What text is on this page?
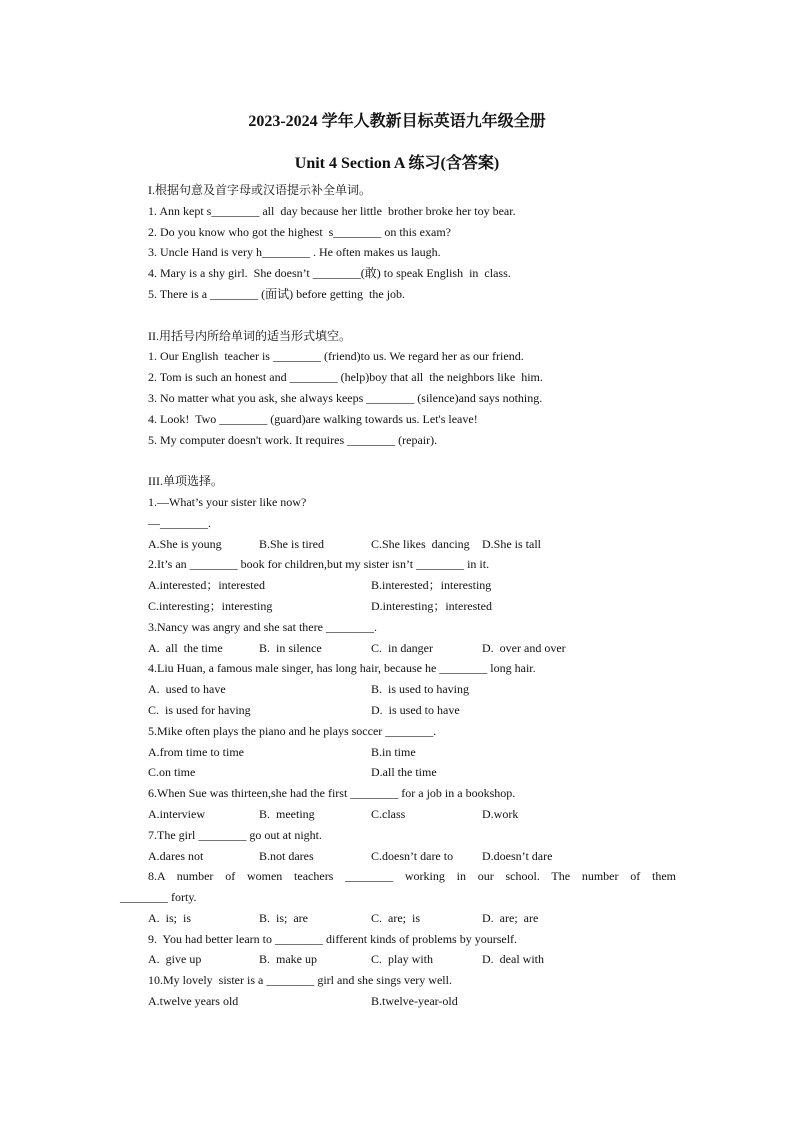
2023-2024 学年人教新目标英语九年级全册
Unit 4 Section A 练习(含答案)
I.根据句意及首字母或汉语提示补全单词。
1. Ann kept s________ all  day because her little  brother broke her toy bear.
2. Do you know who got the highest  s________ on this exam?
3. Uncle Hand is very h________ . He often makes us laugh.
4. Mary is a shy girl.  She doesn’t ________(敢) to speak English  in  class.
5. There is a ________ (面试) before getting  the job.
II.用括号内所给单词的适当形式填空。
1. Our English  teacher is ________ (friend)to us. We regard her as our friend.
2. Tom is such an honest and ________ (help)boy that all  the neighbors like  him.
3. No matter what you ask, she always keeps ________ (silence)and says nothing.
4. Look!  Two ________ (guard)are walking towards us. Let's leave!
5. My computer doesn't work. It requires ________ (repair).
III.单项选择。
1.—What’s your sister like now?
—________.
A.She is young	B.She is tired	C.She likes  dancing	D.She is tall
2.It’s an ________ book for children,but my sister isn’t ________ in it.
A.interested；interested	B.interested；interesting
C.interesting；interesting	D.interesting；interested
3.Nancy was angry and she sat there ________.
A.  all  the time	B.  in silence	C.  in danger	D.  over and over
4.Liu Huan, a famous male singer, has long hair, because he ________ long hair.
A.  used to have	B.  is used to having
C.  is used for having	D.  is used to have
5.Mike often plays the piano and he plays soccer ________.
A.from time to time	B.in time
C.on time	D.all the time
6.When Sue was thirteen,she had the first ________ for a job in a bookshop.
A.interview	B.  meeting	C.class	D.work
7.The girl ________ go out at night.
A.dares not	B.not dares	C.doesn’t dare to	D.doesn’t dare
8.A number of women teachers ________ working in our school. The number of them
________ forty.
A.  is;  is	B.  is;  are	C.  are;  is	D.  are;  are
9.  You had better learn to ________ different kinds of problems by yourself.
A.  give up	B.  make up	C.  play with	D.  deal with
10.My lovely  sister is a ________ girl and she sings very well.
A.twelve years old	B.twelve-year-old
